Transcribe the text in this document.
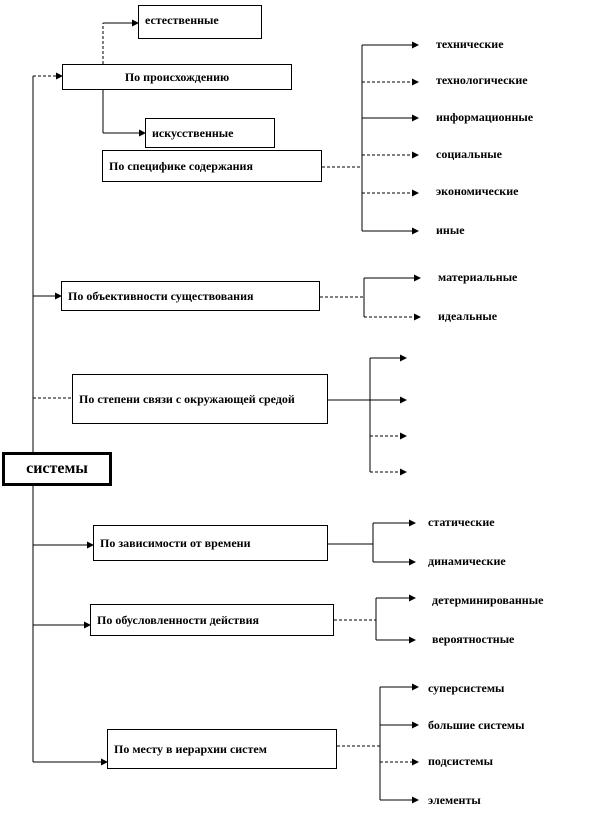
системы
По происхождению
естественные
искусственные
По специфике содержания
По объективности существования
По степени связи с окружающей средой
По зависимости от времени
По обусловленности действия
По месту в иерархии систем
технические
технологические
информационные
социальные
экономические
иные
материальные
идеальные
статические
динамические
детерминированные
вероятностные
суперсистемы
большие системы
подсистемы
элементы
